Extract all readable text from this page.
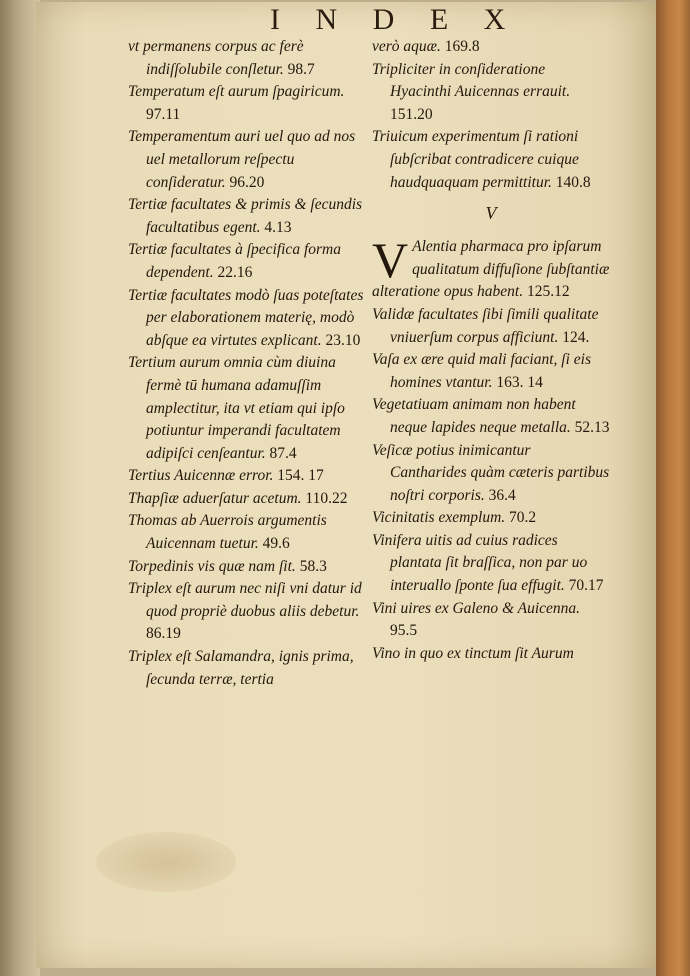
I N D E X

vt permanens corpus ac ferè indiſſolubile conſletur. 98.7

Temperatum eſt aurum ſpagiricum. 97.11

Temperamentum auri uel quo ad nos uel metallorum reſpectu conſideratur. 96.20

Tertiæ facultates & primis & ſecundis facultatibus egent. 4.13

Tertiæ facultates à ſpecifica forma dependent. 22.16

Tertiæ facultates modò ſuas poteſtates per elaborationem materię, modò abſque ea virtutes explicant. 23.10

Tertium aurum omnia cùm diuina fermè tū humana adamuſſim amplectitur, ita vt etiam qui ipſo potiuntur imperandi facultatem adipiſci cenſeantur. 87.4

Tertius Auicennæ error. 154. 17

Thapſiæ aduerſatur acetum. 110.22

Thomas ab Auerrois argumentis Auicennam tuetur. 49.6

Torpedinis vis quæ nam ſit. 58.3

Triplex eſt aurum nec niſi vni datur id quod propriè duobus aliis debetur. 86.19

Triplex eſt Salamandra, ignis prima, ſecunda terræ, tertia

verò aquæ. 169.8

Tripliciter in conſideratione Hyacinthi Auicennas errauit. 151.20

Triuicum experimentum ſi rationi ſubſcribat contradicere cuique haudquaquam permittitur. 140.8

V

V Alentia pharmaca pro ipſarum qualitatum diffuſione ſubſtantiæ alteratione opus habent. 125.12

Validæ facultates ſibi ſimili qualitate vniuerſum corpus afficiunt. 124.

Vaſa ex ære quid mali faciant, ſi eis homines vtantur. 163. 14

Vegetatiuam animam non habent neque lapides neque metalla. 52.13

Veſicæ potius inimicantur Cantharides quàm cæteris partibus noſtri corporis. 36.4

Vicinitatis exemplum. 70.2

Vinifera uitis ad cuius radices plantata ſit braſſica, non par uo interuallo ſponte ſua effugit. 70.17

Vini uires ex Galeno & Auicenna. 95.5

Vino in quo ex tinctum ſit Aurum
